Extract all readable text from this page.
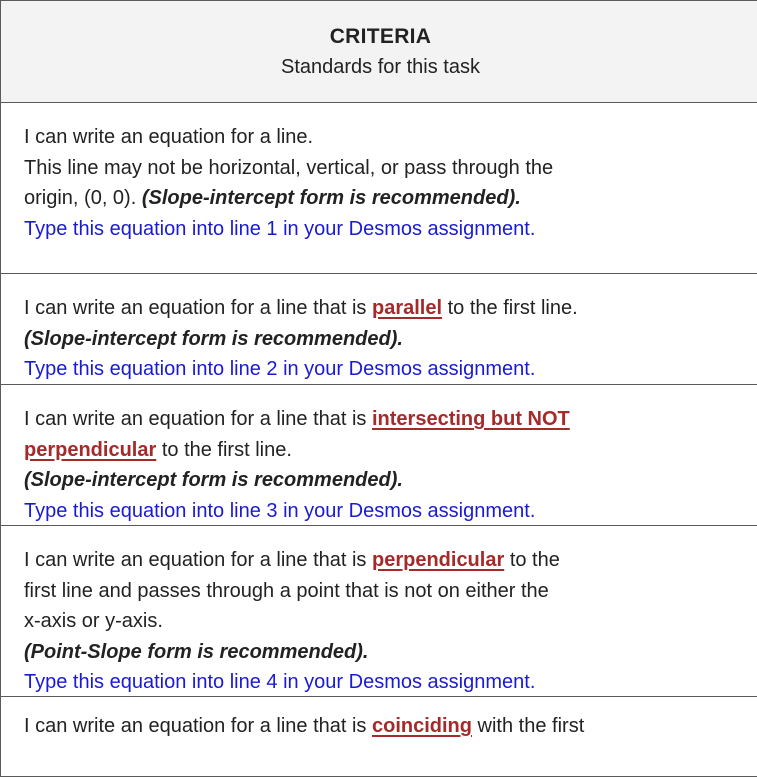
CRITERIA
Standards for this task
I can write an equation for a line.
This line may not be horizontal, vertical, or pass through the
origin, (0, 0). (Slope-intercept form is recommended).
Type this equation into line 1 in your Desmos assignment.
I can write an equation for a line that is parallel to the first line.
(Slope-intercept form is recommended).
Type this equation into line 2 in your Desmos assignment.
I can write an equation for a line that is intersecting but NOT
perpendicular to the first line.
(Slope-intercept form is recommended).
Type this equation into line 3 in your Desmos assignment.
I can write an equation for a line that is perpendicular to the
first line and passes through a point that is not on either the
x-axis or y-axis.
(Point-Slope form is recommended).
Type this equation into line 4 in your Desmos assignment.
I can write an equation for a line that is coinciding with the first
